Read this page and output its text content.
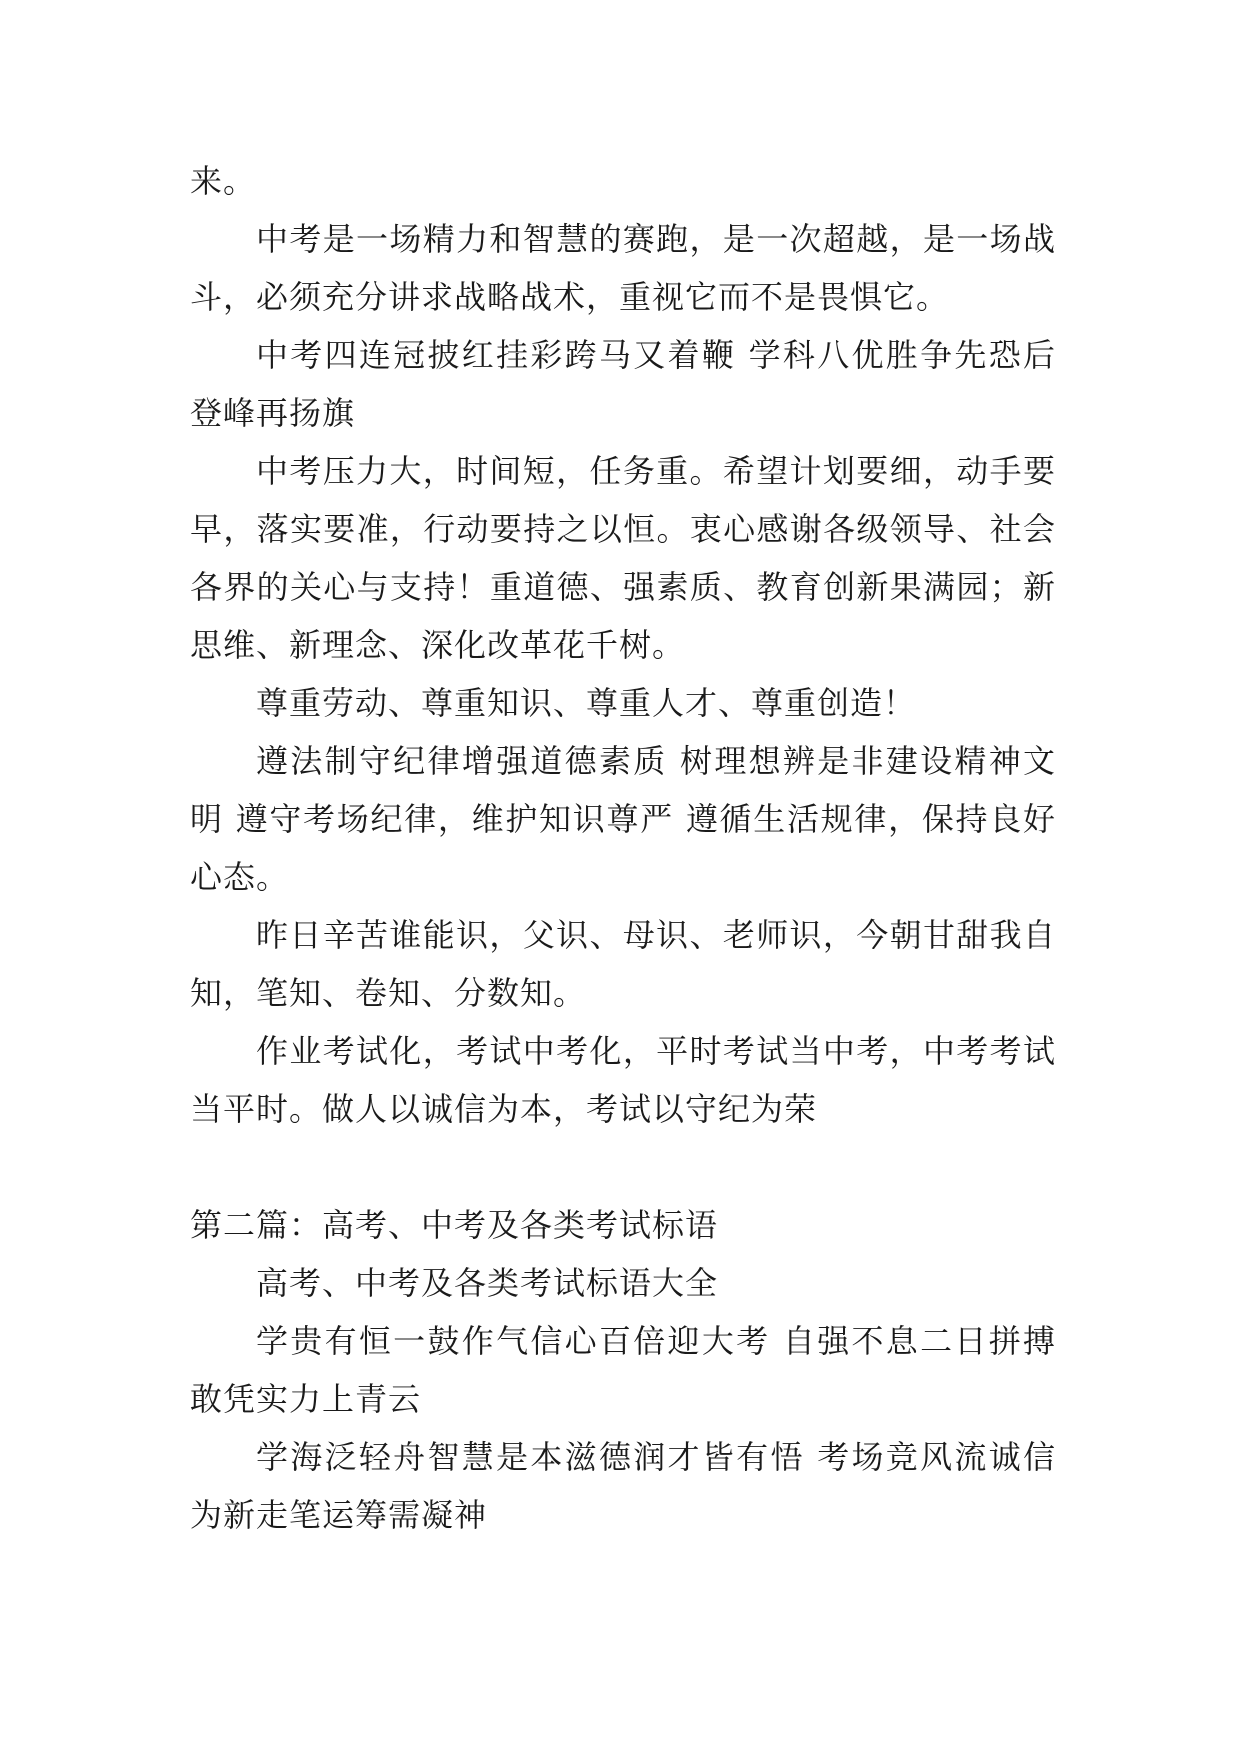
来。

中考是一场精力和智慧的赛跑，是一次超越，是一场战斗，必须充分讲求战略战术，重视它而不是畏惧它。

中考四连冠披红挂彩跨马又着鞭 学科八优胜争先恐后登峰再扬旗

中考压力大，时间短，任务重。希望计划要细，动手要早，落实要准，行动要持之以恒。衷心感谢各级领导、社会各界的关心与支持！重道德、强素质、教育创新果满园；新思维、新理念、深化改革花千树。

尊重劳动、尊重知识、尊重人才、尊重创造！

遵法制守纪律增强道德素质 树理想辨是非建设精神文明 遵守考场纪律，维护知识尊严 遵循生活规律，保持良好心态。

昨日辛苦谁能识，父识、母识、老师识，今朝甘甜我自知，笔知、卷知、分数知。

作业考试化，考试中考化，平时考试当中考，中考考试当平时。做人以诚信为本，考试以守纪为荣

第二篇：高考、中考及各类考试标语

高考、中考及各类考试标语大全

学贵有恒一鼓作气信心百倍迎大考 自强不息二日拼搏敢凭实力上青云

学海泛轻舟智慧是本滋德润才皆有悟 考场竞风流诚信为新走笔运筹需凝神
